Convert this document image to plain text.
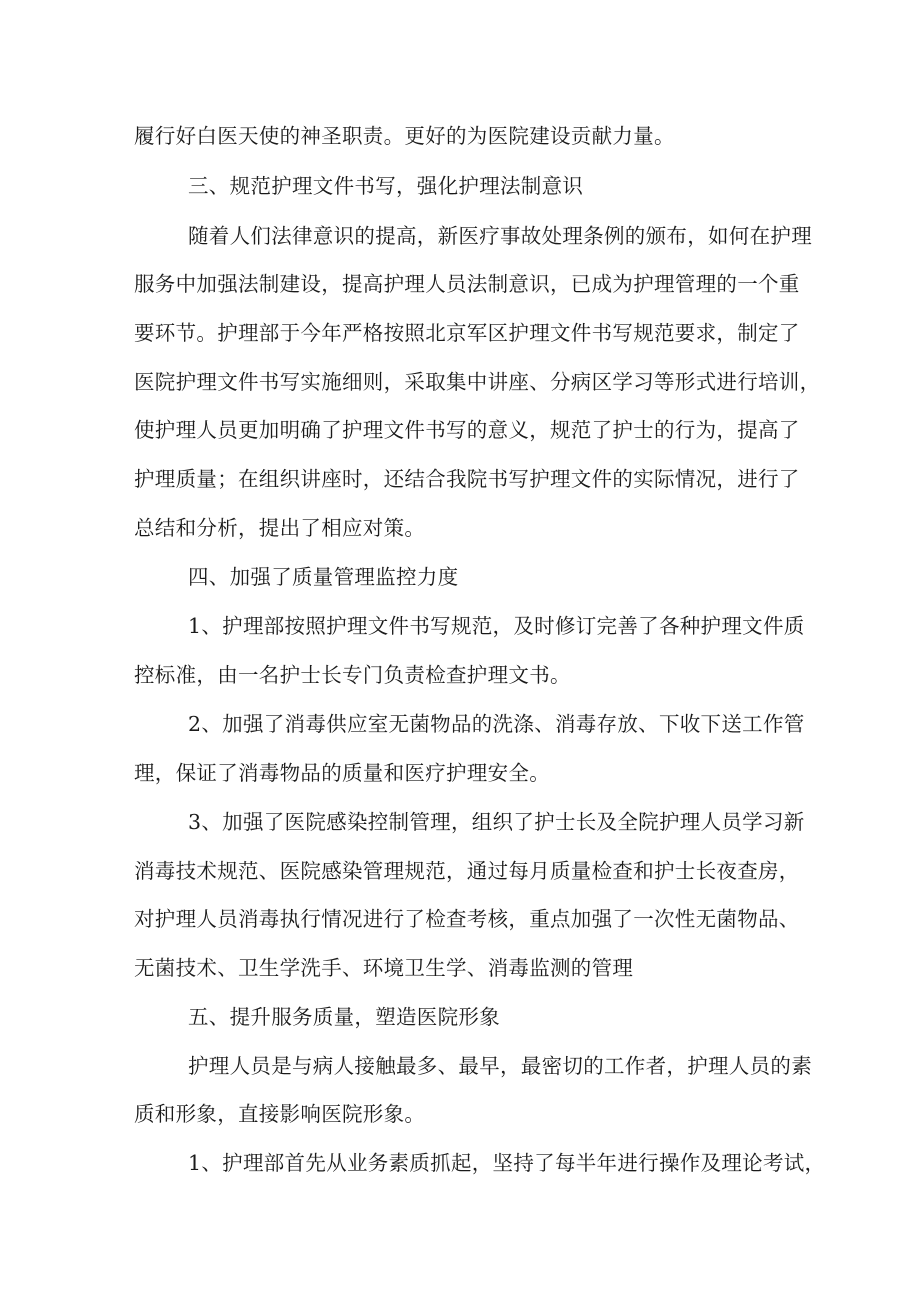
履行好白医天使的神圣职责。更好的为医院建设贡献力量。

三、规范护理文件书写，强化护理法制意识

随着人们法律意识的提高，新医疗事故处理条例的颁布，如何在护理

服务中加强法制建设，提高护理人员法制意识，已成为护理管理的一个重

要环节。护理部于今年严格按照北京军区护理文件书写规范要求，制定了

医院护理文件书写实施细则，采取集中讲座、分病区学习等形式进行培训，

使护理人员更加明确了护理文件书写的意义，规范了护士的行为，提高了

护理质量；在组织讲座时，还结合我院书写护理文件的实际情况，进行了

总结和分析，提出了相应对策。

四、加强了质量管理监控力度

1、护理部按照护理文件书写规范，及时修订完善了各种护理文件质

控标准，由一名护士长专门负责检查护理文书。

2、加强了消毒供应室无菌物品的洗涤、消毒存放、下收下送工作管

理，保证了消毒物品的质量和医疗护理安全。

3、加强了医院感染控制管理，组织了护士长及全院护理人员学习新

消毒技术规范、医院感染管理规范，通过每月质量检查和护士长夜查房，

对护理人员消毒执行情况进行了检查考核，重点加强了一次性无菌物品、

无菌技术、卫生学洗手、环境卫生学、消毒监测的管理

五、提升服务质量，塑造医院形象

护理人员是与病人接触最多、最早，最密切的工作者，护理人员的素

质和形象，直接影响医院形象。

1、护理部首先从业务素质抓起，坚持了每半年进行操作及理论考试，
